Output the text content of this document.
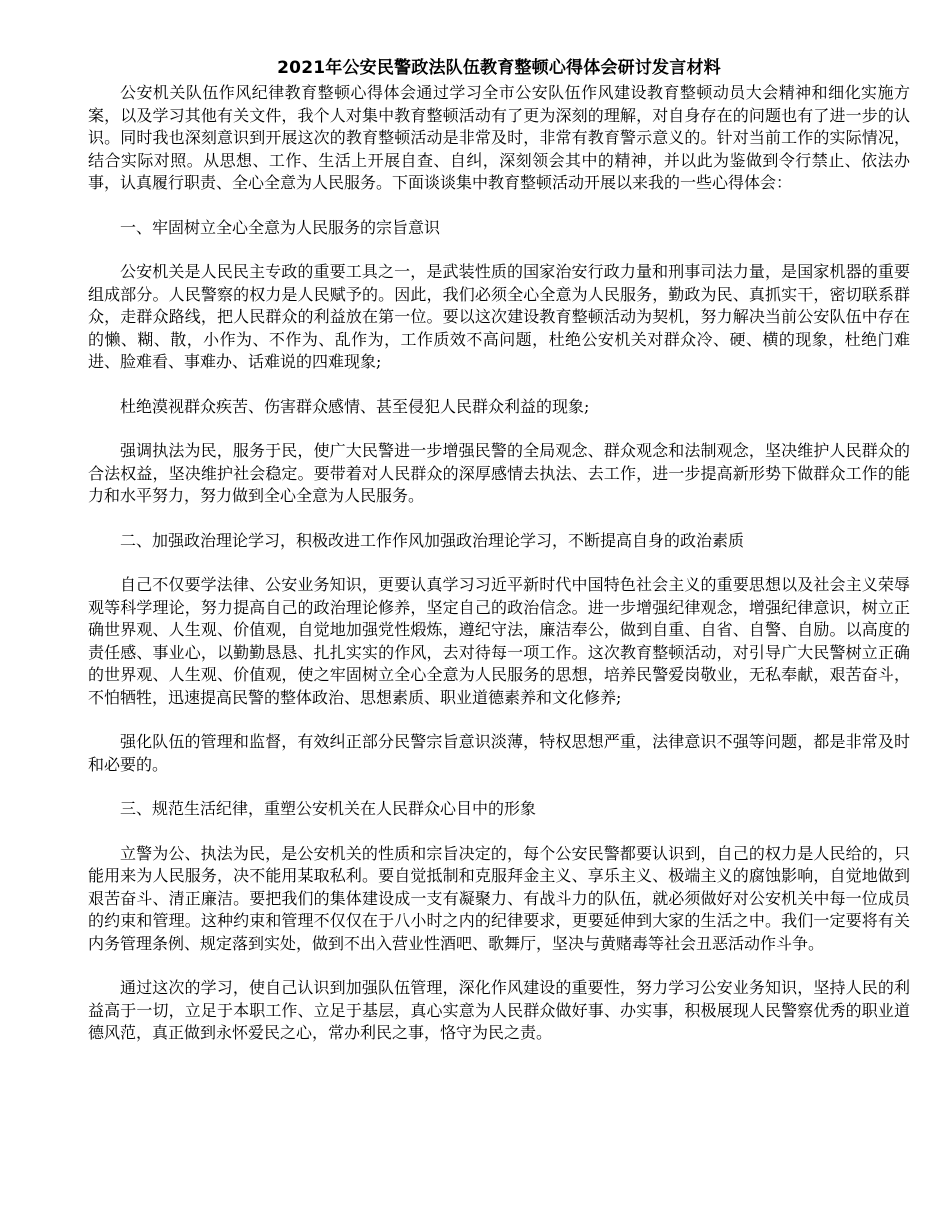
2021年公安民警政法队伍教育整顿心得体会研讨发言材料

公安机关队伍作风纪律教育整顿心得体会通过学习全市公安队伍作风建设教育整顿动员大会精神和细化实施方案，以及学习其他有关文件，我个人对集中教育整顿活动有了更为深刻的理解，对自身存在的问题也有了进一步的认识。同时我也深刻意识到开展这次的教育整顿活动是非常及时，非常有教育警示意义的。针对当前工作的实际情况，结合实际对照。从思想、工作、生活上开展自查、自纠，深刻领会其中的精神，并以此为鉴做到令行禁止、依法办事，认真履行职责、全心全意为人民服务。下面谈谈集中教育整顿活动开展以来我的一些心得体会：

一、牢固树立全心全意为人民服务的宗旨意识

公安机关是人民民主专政的重要工具之一，是武装性质的国家治安行政力量和刑事司法力量，是国家机器的重要组成部分。人民警察的权力是人民赋予的。因此，我们必须全心全意为人民服务，勤政为民、真抓实干，密切联系群众，走群众路线，把人民群众的利益放在第一位。要以这次建设教育整顿活动为契机，努力解决当前公安队伍中存在的懒、糊、散，小作为、不作为、乱作为，工作质效不高问题，杜绝公安机关对群众冷、硬、横的现象，杜绝门难进、脸难看、事难办、话难说的四难现象;

杜绝漠视群众疾苦、伤害群众感情、甚至侵犯人民群众利益的现象;

强调执法为民，服务于民，使广大民警进一步增强民警的全局观念、群众观念和法制观念，坚决维护人民群众的合法权益，坚决维护社会稳定。要带着对人民群众的深厚感情去执法、去工作，进一步提高新形势下做群众工作的能力和水平努力，努力做到全心全意为人民服务。

二、加强政治理论学习，积极改进工作作风加强政治理论学习，不断提高自身的政治素质

自己不仅要学法律、公安业务知识，更要认真学习习近平新时代中国特色社会主义的重要思想以及社会主义荣辱观等科学理论，努力提高自己的政治理论修养，坚定自己的政治信念。进一步增强纪律观念，增强纪律意识，树立正确世界观、人生观、价值观，自觉地加强党性煅炼，遵纪守法，廉洁奉公，做到自重、自省、自警、自励。以高度的责任感、事业心，以勤勤恳恳、扎扎实实的作风，去对待每一项工作。这次教育整顿活动，对引导广大民警树立正确的世界观、人生观、价值观，使之牢固树立全心全意为人民服务的思想，培养民警爱岗敬业，无私奉献，艰苦奋斗，不怕牺牲，迅速提高民警的整体政治、思想素质、职业道德素养和文化修养;

强化队伍的管理和监督，有效纠正部分民警宗旨意识淡薄，特权思想严重，法律意识不强等问题，都是非常及时和必要的。

三、规范生活纪律，重塑公安机关在人民群众心目中的形象

立警为公、执法为民，是公安机关的性质和宗旨决定的，每个公安民警都要认识到，自己的权力是人民给的，只能用来为人民服务，决不能用某取私利。要自觉抵制和克服拜金主义、享乐主义、极端主义的腐蚀影响，自觉地做到艰苦奋斗、清正廉洁。要把我们的集体建设成一支有凝聚力、有战斗力的队伍，就必须做好对公安机关中每一位成员的约束和管理。这种约束和管理不仅仅在于八小时之内的纪律要求，更要延伸到大家的生活之中。我们一定要将有关内务管理条例、规定落到实处，做到不出入营业性酒吧、歌舞厅，坚决与黄赌毒等社会丑恶活动作斗争。

通过这次的学习，使自己认识到加强队伍管理，深化作风建设的重要性，努力学习公安业务知识，坚持人民的利益高于一切，立足于本职工作、立足于基层，真心实意为人民群众做好事、办实事，积极展现人民警察优秀的职业道德风范，真正做到永怀爱民之心，常办利民之事，恪守为民之责。
